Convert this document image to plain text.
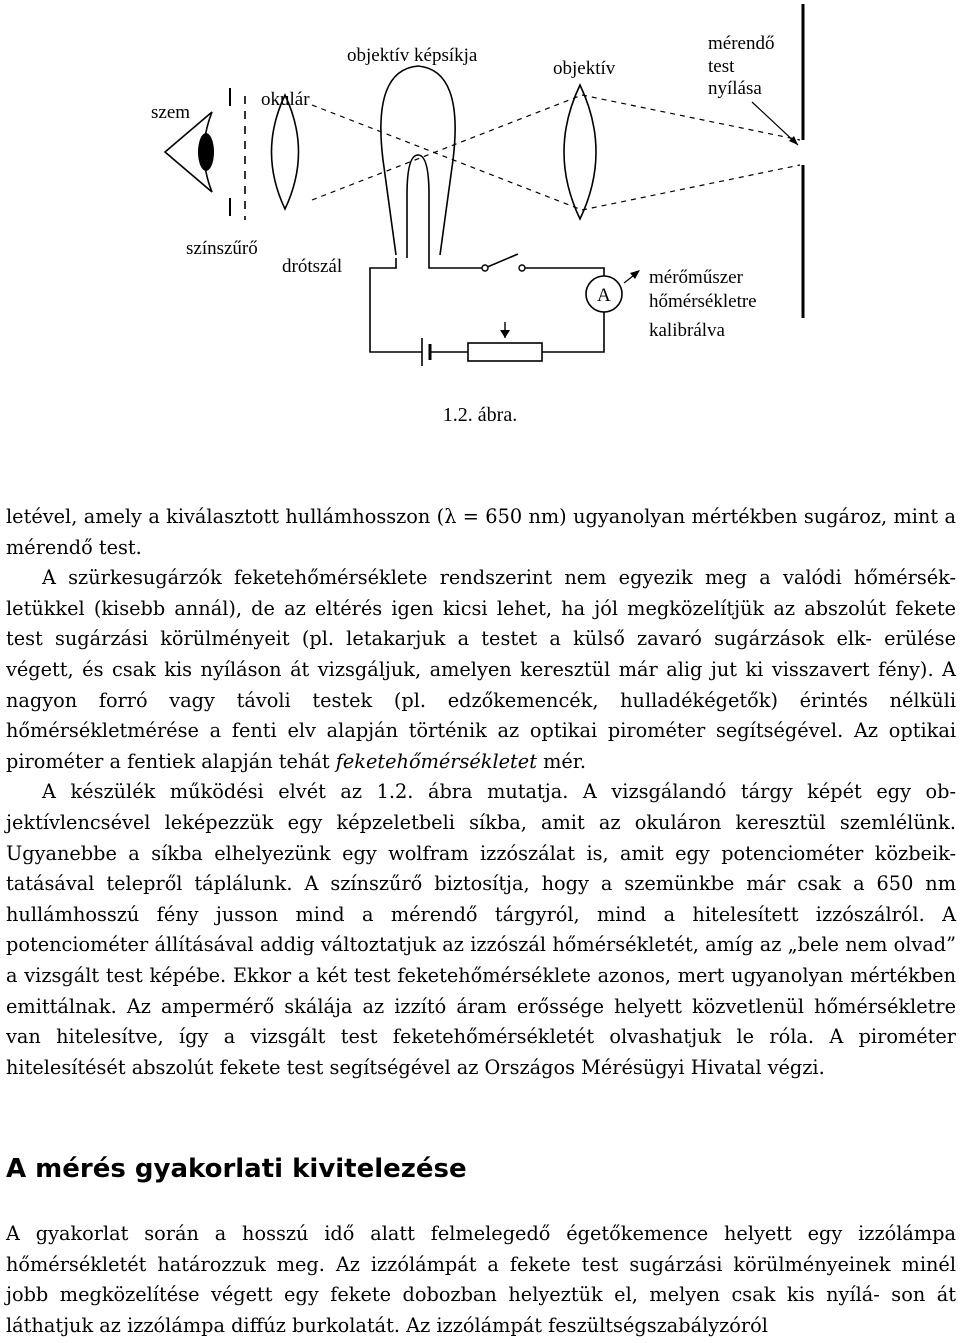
szem
okulár
objektív képsíkja
objektív
mérendő
test
nyílása
színszűrő
drótszál
A
mérőműszer
hőmérsékletre
kalibrálva
1.2. ábra.

letével, amely a kiválasztott hullámhosszon (λ = 650 nm) ugyanolyan mértékben sugároz, mint a mérendő test.

A szürkesugárzók feketehőmérséklete rendszerint nem egyezik meg a valódi hőmérsék- letükkel (kisebb annál), de az eltérés igen kicsi lehet, ha jól megközelítjük az abszolút fekete test sugárzási körülményeit (pl. letakarjuk a testet a külső zavaró sugárzások elk- erülése végett, és csak kis nyíláson át vizsgáljuk, amelyen keresztül már alig jut ki visszavert fény). A nagyon forró vagy távoli testek (pl. edzőkemencék, hulladékégetők) érintés nélküli hőmérsékletmérése a fenti elv alapján történik az optikai pirométer segítségével. Az optikai pirométer a fentiek alapján tehát feketehőmérsékletet mér.

A készülék működési elvét az 1.2. ábra mutatja. A vizsgálandó tárgy képét egy ob- jektívlencsével leképezzük egy képzeletbeli síkba, amit az okuláron keresztül szemlélünk. Ugyanebbe a síkba elhelyezünk egy wolfram izzószálat is, amit egy potenciométer közbeik- tatásával telepről táplálunk. A színszűrő biztosítja, hogy a szemünkbe már csak a 650 nm hullámhosszú fény jusson mind a mérendő tárgyról, mind a hitelesített izzószálról. A potenciométer állításával addig változtatjuk az izzószál hőmérsékletét, amíg az „bele nem olvad” a vizsgált test képébe. Ekkor a két test feketehőmérséklete azonos, mert ugyanolyan mértékben emittálnak. Az ampermérő skálája az izzító áram erőssége helyett közvetlenül hőmérsékletre van hitelesítve, így a vizsgált test feketehőmérsékletét olvashatjuk le róla. A pirométer hitelesítését abszolút fekete test segítségével az Országos Mérésügyi Hivatal végzi.

A mérés gyakorlati kivitelezése

A gyakorlat során a hosszú idő alatt felmelegedő égetőkemence helyett egy izzólámpa hőmérsékletét határozzuk meg. Az izzólámpát a fekete test sugárzási körülményeinek minél jobb megközelítése végett egy fekete dobozban helyeztük el, melyen csak kis nyílá- son át láthatjuk az izzólámpa diffúz burkolatát. Az izzólámpát feszültségszabályzóról
